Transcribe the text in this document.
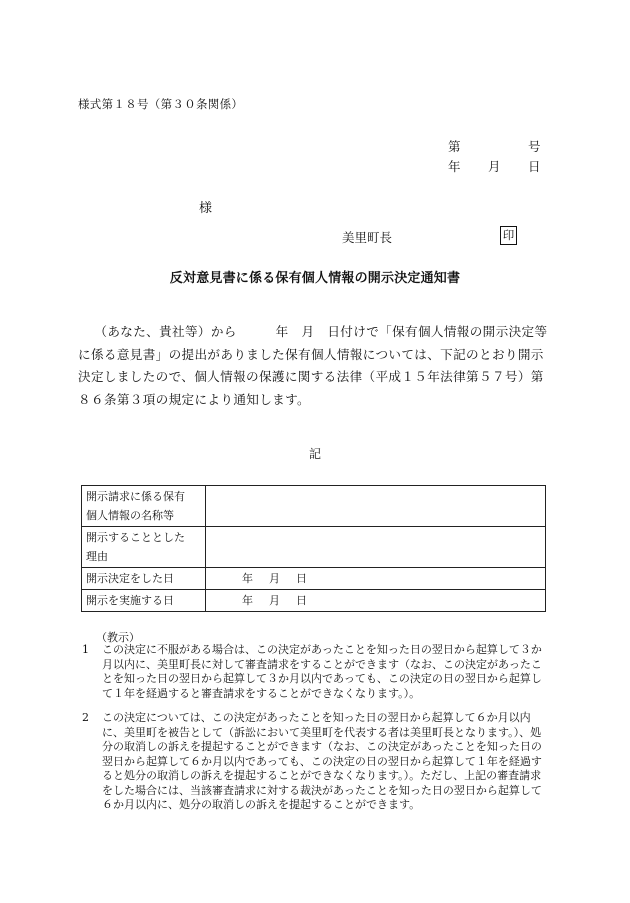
様式第１８号（第３０条関係）
第	号
年 月 日
様
美里町長	印
反対意見書に係る保有個人情報の開示決定通知書
（あなた、貴社等）から　　　年　月　日付けで「保有個人情報の開示決定等に係る意見書」の提出がありました保有個人情報については、下記のとおり開示決定しましたので、個人情報の保護に関する法律（平成１５年法律第５７号）第８６条第３項の規定により通知します。
記
開示請求に係る保有
個人情報の名称等	

開示することとした
理由	

開示決定をした日	年 月 日
開示を実施する日	年 月 日
（教示）
1 この決定に不服がある場合は、この決定があったことを知った日の翌日から起算して３か月以内に、美里町長に対して審査請求をすることができます（なお、この決定があったことを知った日の翌日から起算して３か月以内であっても、この決定の日の翌日から起算して１年を経過すると審査請求をすることができなくなります。）。
2 この決定については、この決定があったことを知った日の翌日から起算して６か月以内に、美里町を被告として（訴訟において美里町を代表する者は美里町長となります。）、処分の取消しの訴えを提起することができます（なお、この決定があったことを知った日の翌日から起算して６か月以内であっても、この決定の日の翌日から起算して１年を経過すると処分の取消しの訴えを提起することができなくなります。）。ただし、上記の審査請求をした場合には、当該審査請求に対する裁決があったことを知った日の翌日から起算して６か月以内に、処分の取消しの訴えを提起することができます。
